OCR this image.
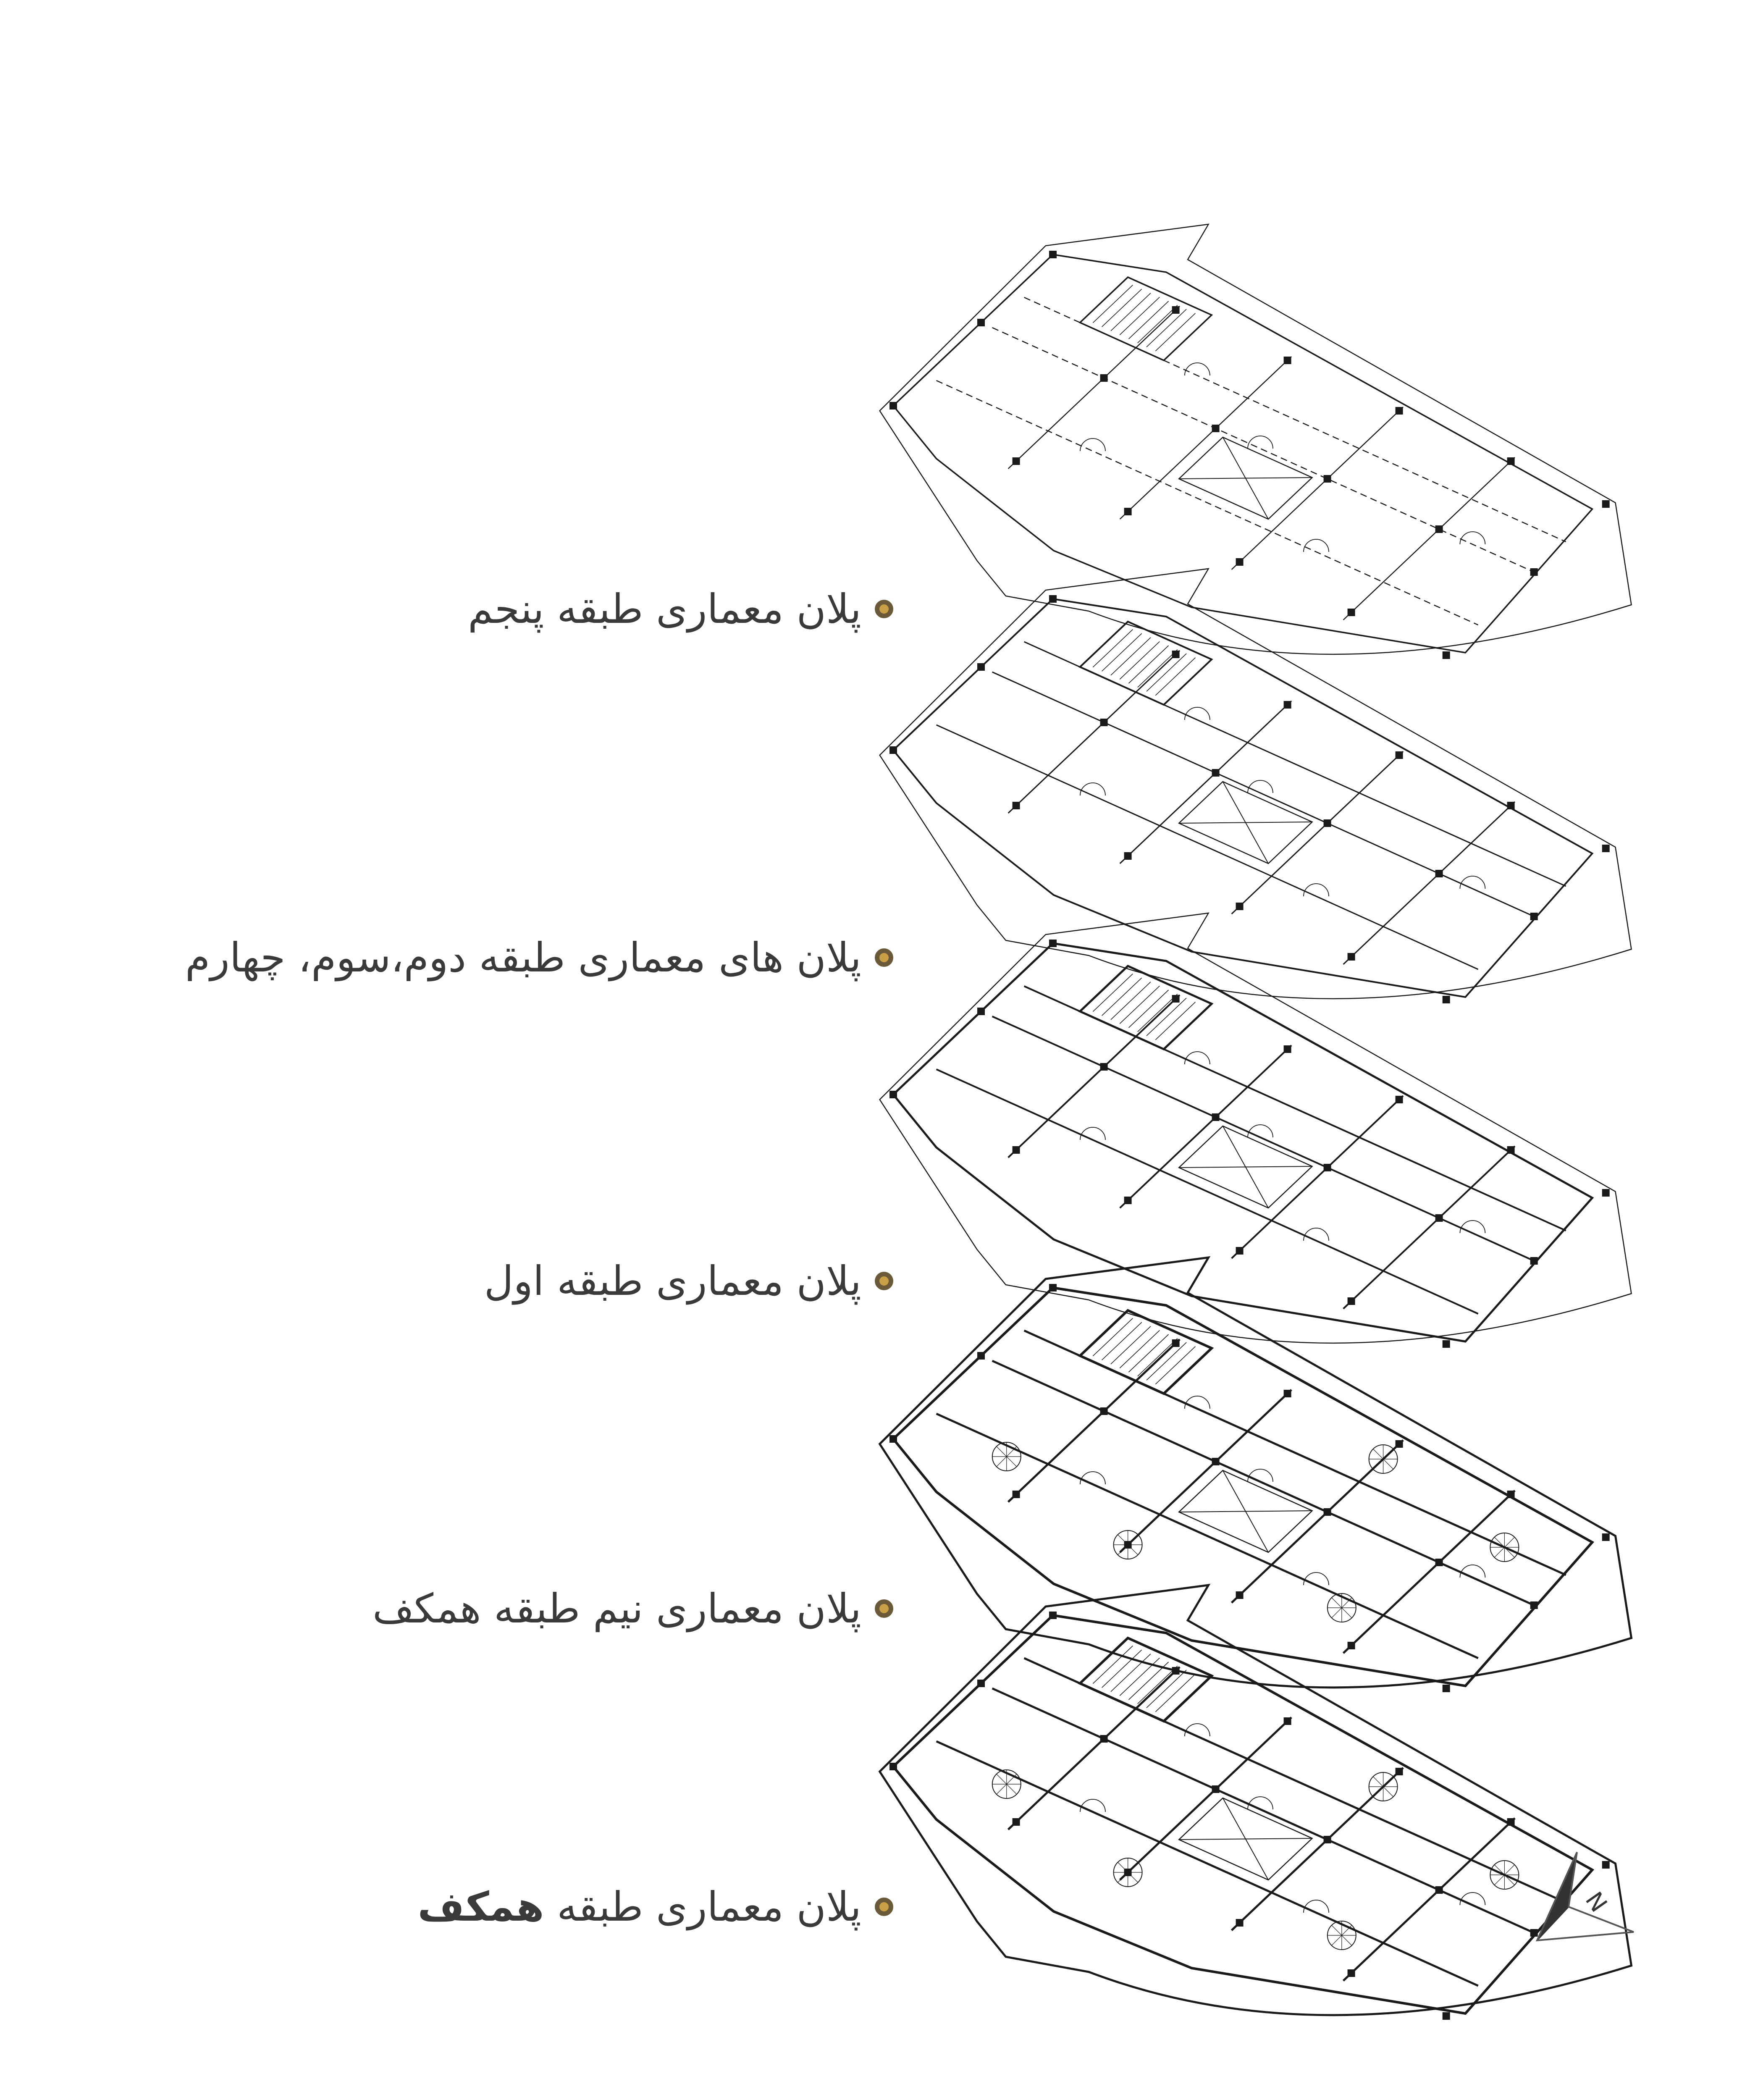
پلان معماری طبقه پنجم
پلان های معماری طبقه دوم،سوم، چهارم
پلان معماری طبقه اول
پلان معماری نیم طبقه همکف
پلان معماری طبقه همکف	N
